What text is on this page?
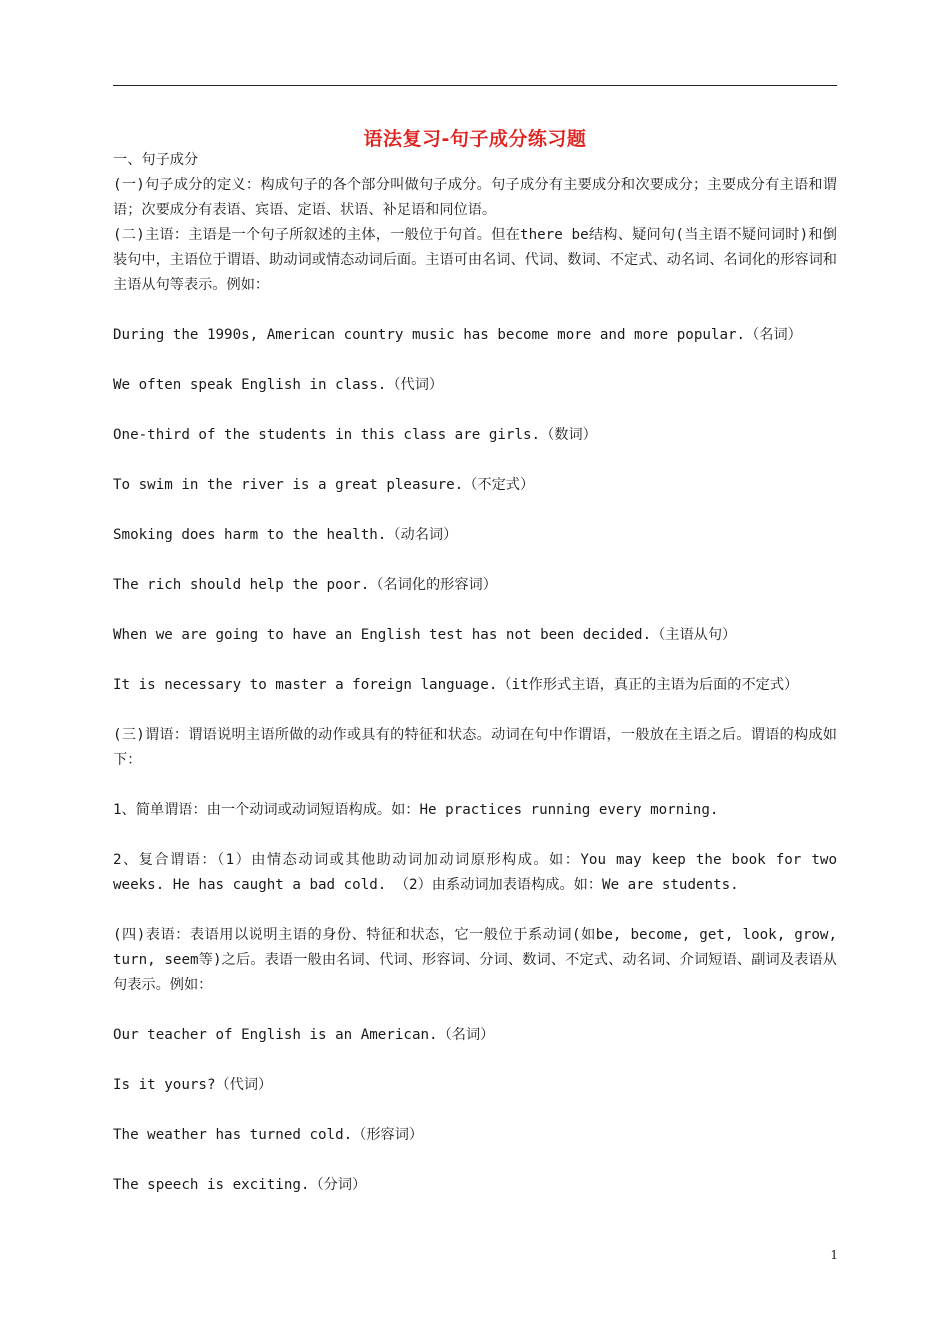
语法复习-句子成分练习题

一、句子成分

(一)句子成分的定义：构成句子的各个部分叫做句子成分。句子成分有主要成分和次要成分；主要成分有主语和谓语；次要成分有表语、宾语、定语、状语、补足语和同位语。

(二)主语：主语是一个句子所叙述的主体，一般位于句首。但在there be结构、疑问句(当主语不疑问词时)和倒装句中，主语位于谓语、助动词或情态动词后面。主语可由名词、代词、数词、不定式、动名词、名词化的形容词和主语从句等表示。例如：

During the 1990s, American country music has become more and more popular.（名词）

We often speak English in class.（代词）

One-third of the students in this class are girls.（数词）

To swim in the river is a great pleasure.（不定式）

Smoking does harm to the health.（动名词）

The rich should help the poor.（名词化的形容词）

When we are going to have an English test has not been decided.（主语从句）

It is necessary to master a foreign language.（it作形式主语，真正的主语为后面的不定式）

(三)谓语：谓语说明主语所做的动作或具有的特征和状态。动词在句中作谓语，一般放在主语之后。谓语的构成如下：

1、简单谓语：由一个动词或动词短语构成。如：He practices running every morning.

2、复合谓语：（1）由情态动词或其他助动词加动词原形构成。如：You may keep the book for two weeks. He has caught a bad cold. （2）由系动词加表语构成。如：We are students.

(四)表语：表语用以说明主语的身份、特征和状态，它一般位于系动词(如be, become, get, look, grow, turn, seem等)之后。表语一般由名词、代词、形容词、分词、数词、不定式、动名词、介词短语、副词及表语从句表示。例如：

Our teacher of English is an American.（名词）

Is it yours?（代词）

The weather has turned cold.（形容词）

The speech is exciting.（分词）

1
